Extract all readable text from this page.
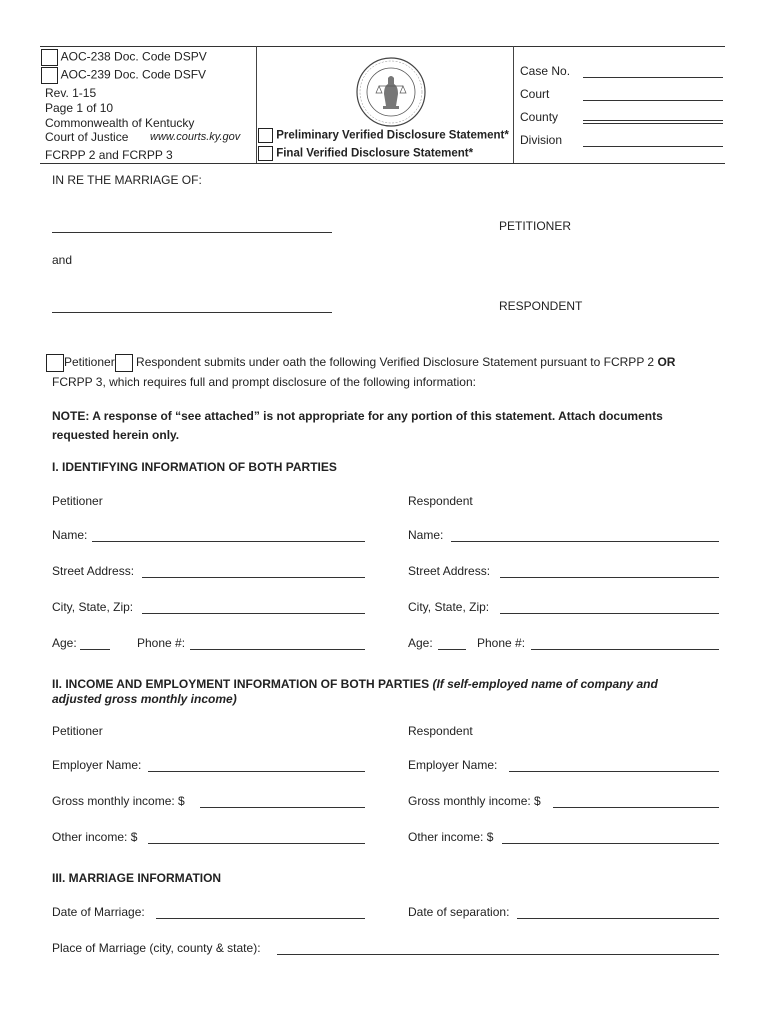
AOC-238 Doc. Code DSPV
AOC-239 Doc. Code DSFV
Rev. 1-15
Page 1 of 10
Commonwealth of Kentucky
Court of Justice www.courts.ky.gov
FCRPP 2 and FCRPP 3
Preliminary Verified Disclosure Statement*
Final Verified Disclosure Statement*
Case No.
Court
County
Division
IN RE THE MARRIAGE OF:
PETITIONER
and
RESPONDENT
Petitioner Respondent submits under oath the following Verified Disclosure Statement pursuant to FCRPP 2 OR
FCRPP 3, which requires full and prompt disclosure of the following information:
NOTE: A response of “see attached” is not appropriate for any portion of this statement. Attach documents
requested herein only.
I. IDENTIFYING INFORMATION OF BOTH PARTIES
Petitioner	Respondent
Name:	Name:
Street Address:	Street Address:
City, State, Zip:	City, State, Zip:
Age:	Phone #:	Age:	Phone #:
II. INCOME AND EMPLOYMENT INFORMATION OF BOTH PARTIES (If self-employed name of company and
adjusted gross monthly income)
Petitioner	Respondent
Employer Name:	Employer Name:
Gross monthly income: $	Gross monthly income: $
Other income: $	Other income: $
III. MARRIAGE INFORMATION
Date of Marriage:	Date of separation:
Place of Marriage (city, county & state):
